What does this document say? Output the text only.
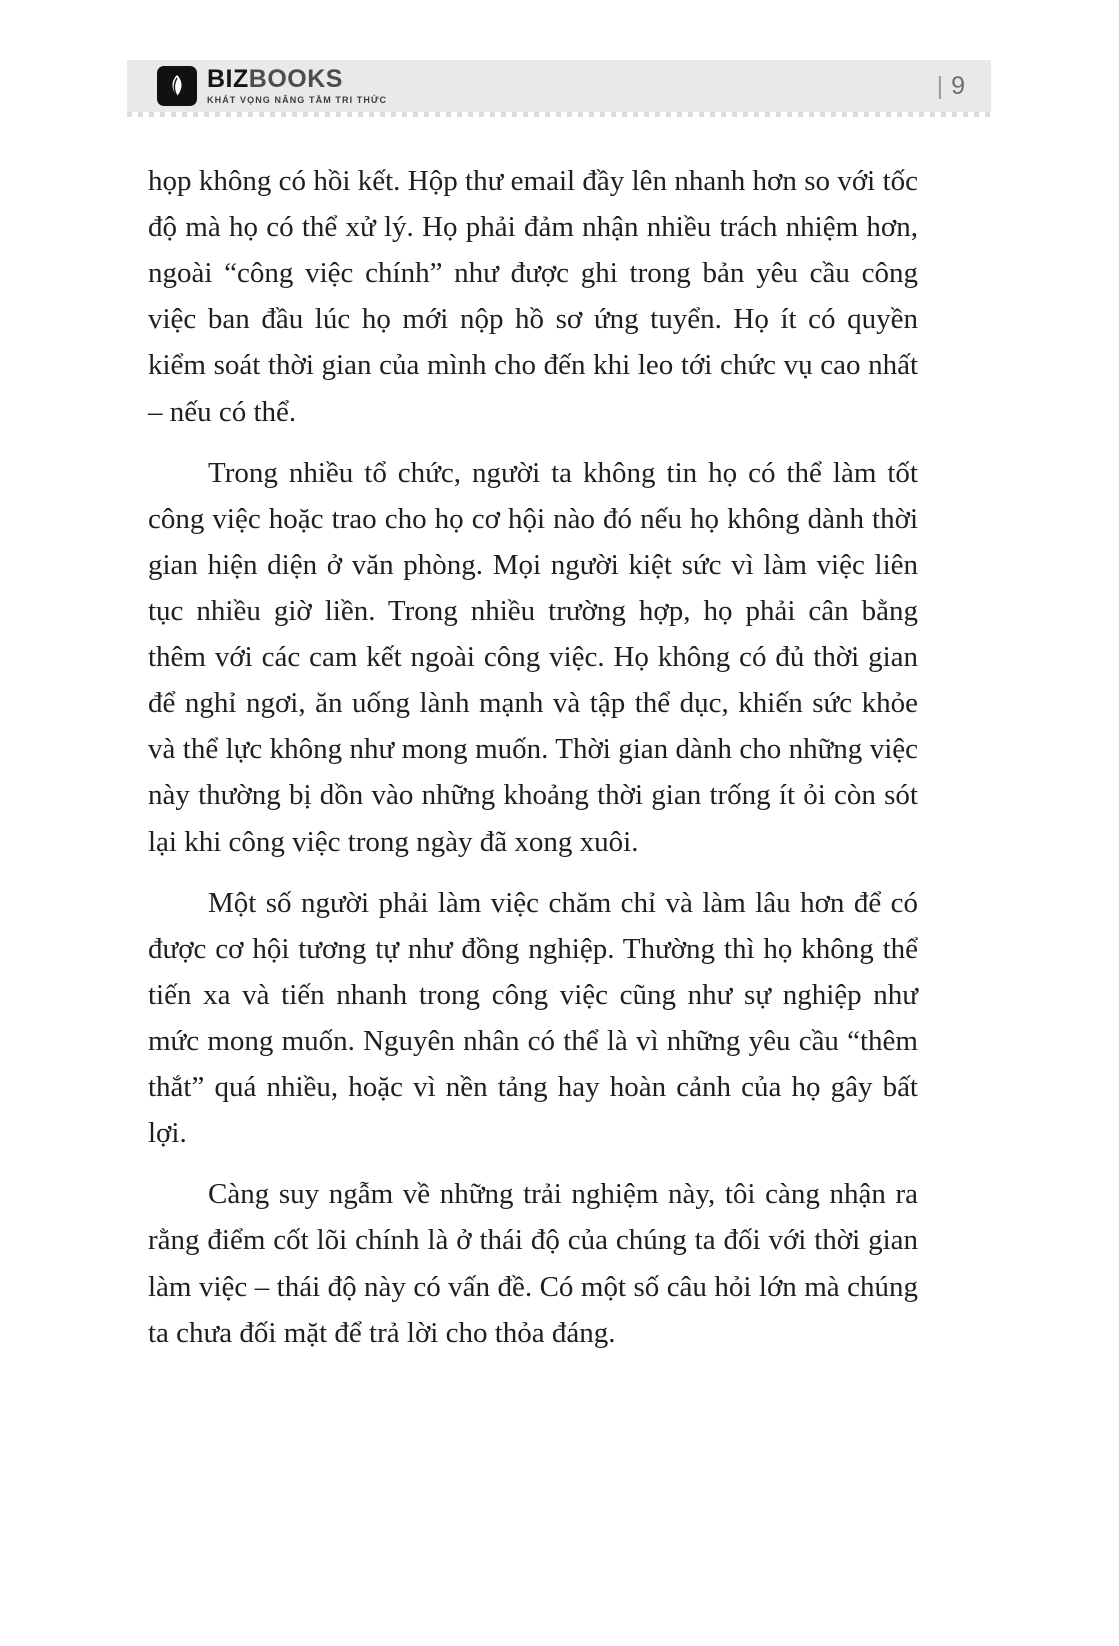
BIZBOOKS
KHÁT VỌNG NÂNG TẦM TRI THỨC
| 9

họp không có hồi kết. Hộp thư email đầy lên nhanh hơn so với tốc độ mà họ có thể xử lý. Họ phải đảm nhận nhiều trách nhiệm hơn, ngoài “công việc chính” như được ghi trong bản yêu cầu công việc ban đầu lúc họ mới nộp hồ sơ ứng tuyển. Họ ít có quyền kiểm soát thời gian của mình cho đến khi leo tới chức vụ cao nhất – nếu có thể.

Trong nhiều tổ chức, người ta không tin họ có thể làm tốt công việc hoặc trao cho họ cơ hội nào đó nếu họ không dành thời gian hiện diện ở văn phòng. Mọi người kiệt sức vì làm việc liên tục nhiều giờ liền. Trong nhiều trường hợp, họ phải cân bằng thêm với các cam kết ngoài công việc. Họ không có đủ thời gian để nghỉ ngơi, ăn uống lành mạnh và tập thể dục, khiến sức khỏe và thể lực không như mong muốn. Thời gian dành cho những việc này thường bị dồn vào những khoảng thời gian trống ít ỏi còn sót lại khi công việc trong ngày đã xong xuôi.

Một số người phải làm việc chăm chỉ và làm lâu hơn để có được cơ hội tương tự như đồng nghiệp. Thường thì họ không thể tiến xa và tiến nhanh trong công việc cũng như sự nghiệp như mức mong muốn. Nguyên nhân có thể là vì những yêu cầu “thêm thắt” quá nhiều, hoặc vì nền tảng hay hoàn cảnh của họ gây bất lợi.

Càng suy ngẫm về những trải nghiệm này, tôi càng nhận ra rằng điểm cốt lõi chính là ở thái độ của chúng ta đối với thời gian làm việc – thái độ này có vấn đề. Có một số câu hỏi lớn mà chúng ta chưa đối mặt để trả lời cho thỏa đáng.
